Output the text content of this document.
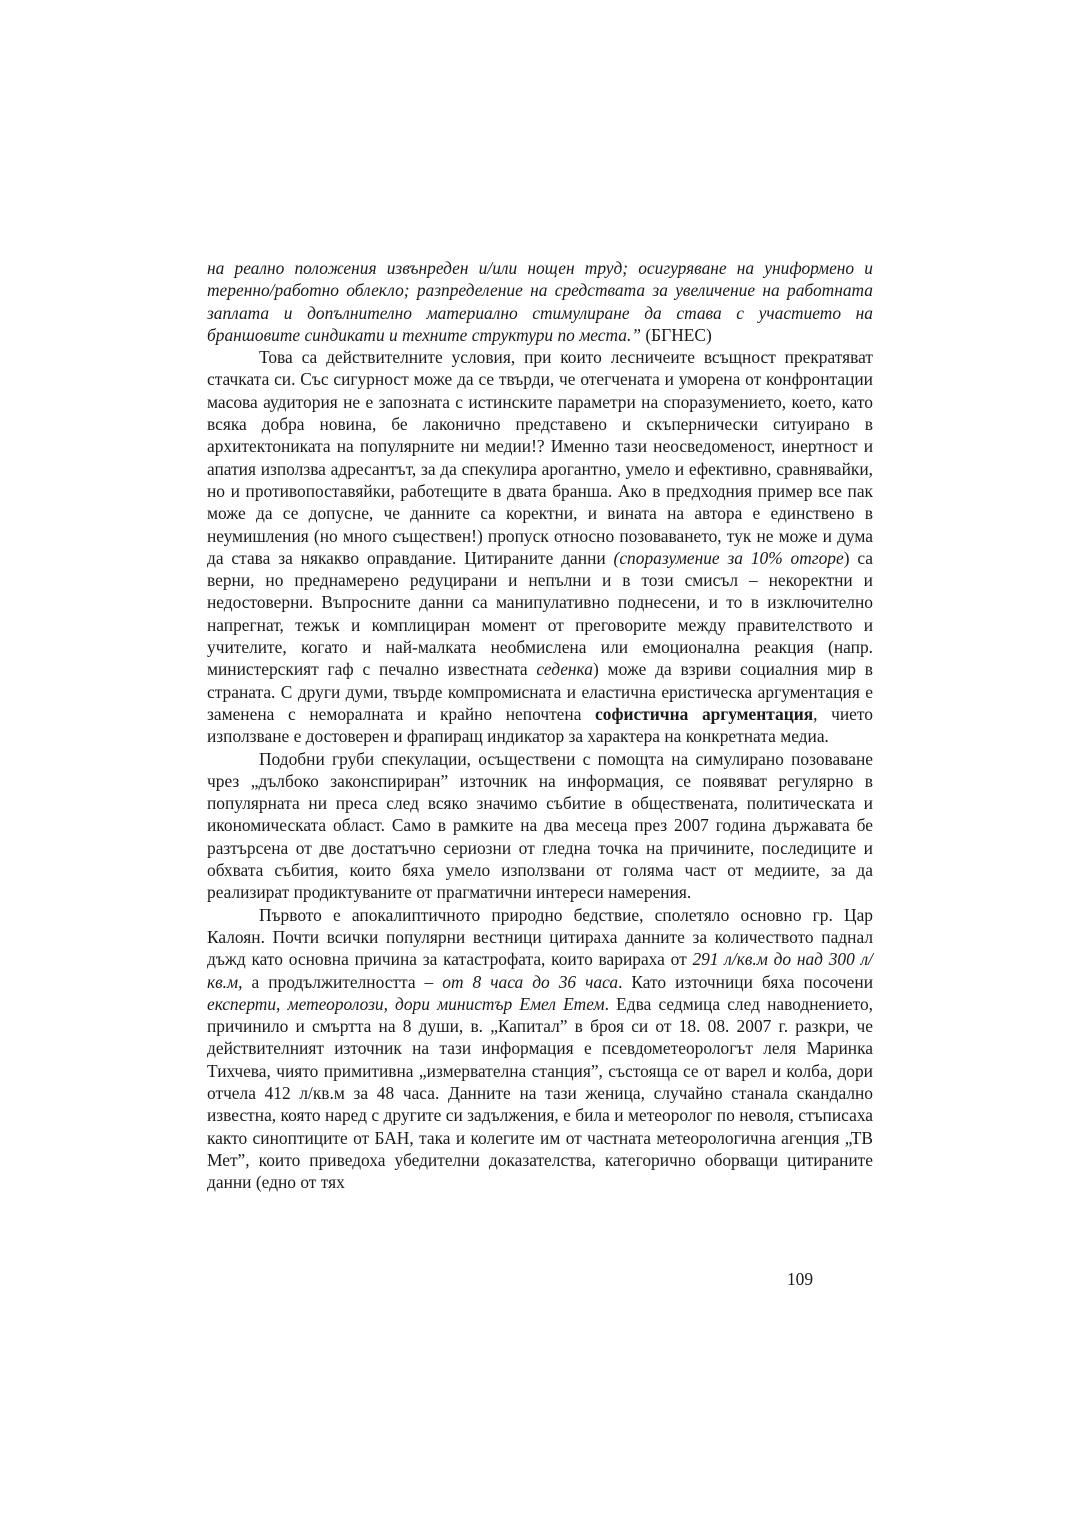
на реално положения извънреден и/или нощен труд; осигуряване на униформено и теренно/работно облекло; разпределение на средствата за увеличение на работната заплата и допълнително материално стимулиране да става с участието на браншовите синдикати и техните структури по места.” (БГНЕС)

Това са действителните условия, при които лесничеите всъщност прекратяват стачката си. Със сигурност може да се твърди, че отегчената и уморена от конфронтации масова аудитория не е запозната с истинските параметри на споразумението, което, като всяка добра новина, бе лаконично представено и скъпернически ситуирано в архитектониката на популярните ни медии!? Именно тази неосведоменост, инертност и апатия използва адресантът, за да спекулира арогантно, умело и ефективно, сравнявайки, но и противопоставяйки, работещите в двата бранша. Ако в предходния пример все пак може да се допусне, че данните са коректни, и вината на автора е единствено в неумишления (но много съществен!) пропуск относно позоваването, тук не може и дума да става за някакво оправдание. Цитираните данни (споразумение за 10% отгоре) са верни, но преднамерено редуцирани и непълни и в този смисъл – некоректни и недостоверни. Въпросните данни са манипулативно поднесени, и то в изключително напрегнат, тежък и комплициран момент от преговорите между правителството и учителите, когато и най-малката необмислена или емоционална реакция (напр. министерският гаф с печално известната седенка) може да взриви социалния мир в страната. С други думи, твърде компромисната и еластична еристическа аргументация е заменена с неморалната и крайно непочтена софистична аргументация, чието използване е достоверен и фрапиращ индикатор за характера на конкретната медиа.

Подобни груби спекулации, осъществени с помощта на симулирано позоваване чрез „дълбоко законспириран” източник на информация, се появяват регулярно в популярната ни преса след всяко значимо събитие в обществената, политическата и икономическата област. Само в рамките на два месеца през 2007 година държавата бе разтърсена от две достатъчно сериозни от гледна точка на причините, последиците и обхвата събития, които бяха умело използвани от голяма част от медиите, за да реализират продиктуваните от прагматични интереси намерения.

Първото е апокалиптичното природно бедствие, сполетяло основно гр. Цар Калоян. Почти всички популярни вестници цитираха данните за количеството паднал дъжд като основна причина за катастрофата, които варираха от 291 л/кв.м до над 300 л/кв.м, а продължителността – от 8 часа до 36 часа. Като източници бяха посочени експерти, метеоролози, дори министър Емел Етем. Едва седмица след наводнението, причинило и смъртта на 8 души, в. „Капитал” в броя си от 18. 08. 2007 г. разкри, че действителният източник на тази информация е псевдометеорологът леля Маринка Тихчева, чиято примитивна „измервателна станция”, състояща се от варел и колба, дори отчела 412 л/кв.м за 48 часа. Данните на тази женица, случайно станала скандално известна, която наред с другите си задължения, е била и метеоролог по неволя, стъписаха както синоптиците от БАН, така и колегите им от частната метеорологична агенция „ТВ Мет”, които приведоха убедителни доказателства, категорично оборващи цитираните данни (едно от тях

109
